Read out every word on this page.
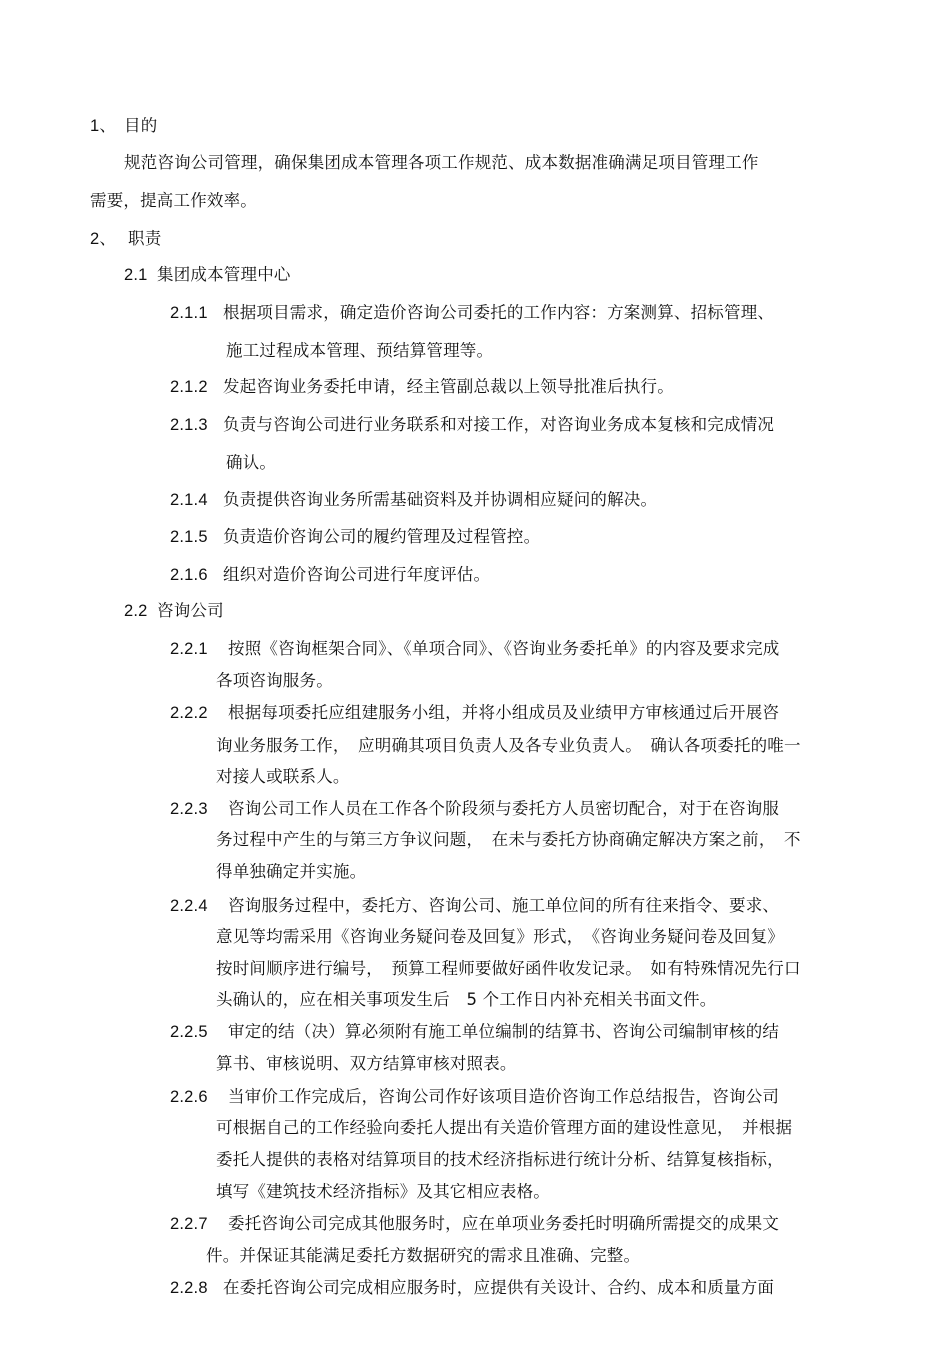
1、 目的
规范咨询公司管理，确保集团成本管理各项工作规范、成本数据准确满足项目管理工作
需要，提高工作效率。
2、 职责
2.1 集团成本管理中心
2.1.1 根据项目需求，确定造价咨询公司委托的工作内容：方案测算、招标管理、
施工过程成本管理、预结算管理等。
2.1.2 发起咨询业务委托申请，经主管副总裁以上领导批准后执行。
2.1.3 负责与咨询公司进行业务联系和对接工作，对咨询业务成本复核和完成情况
确认。
2.1.4 负责提供咨询业务所需基础资料及并协调相应疑问的解决。
2.1.5 负责造价咨询公司的履约管理及过程管控。
2.1.6 组织对造价咨询公司进行年度评估。
2.2 咨询公司
2.2.1 按照《咨询框架合同》、《单项合同》、《咨询业务委托单》的内容及要求完成
各项咨询服务。
2.2.2 根据每项委托应组建服务小组，并将小组成员及业绩甲方审核通过后开展咨
询业务服务工作，　应明确其项目负责人及各专业负责人。　确认各项委托的唯一
对接人或联系人。
2.2.3 咨询公司工作人员在工作各个阶段须与委托方人员密切配合，对于在咨询服
务过程中产生的与第三方争议问题，　在未与委托方协商确定解决方案之前，　不
得单独确定并实施。
2.2.4 咨询服务过程中，委托方、咨询公司、施工单位间的所有往来指令、要求、
意见等均需采用《咨询业务疑问卷及回复》形式，　《咨询业务疑问卷及回复》
按时间顺序进行编号，　预算工程师要做好函件收发记录。　如有特殊情况先行口
头确认的，应在相关事项发生后　5 个工作日内补充相关书面文件。
2.2.5 审定的结（决）算必须附有施工单位编制的结算书、咨询公司编制审核的结
算书、审核说明、双方结算审核对照表。
2.2.6 当审价工作完成后，咨询公司作好该项目造价咨询工作总结报告，咨询公司
可根据自己的工作经验向委托人提出有关造价管理方面的建设性意见，　并根据
委托人提供的表格对结算项目的技术经济指标进行统计分析、结算复核指标，
填写《建筑技术经济指标》及其它相应表格。
2.2.7 委托咨询公司完成其他服务时，应在单项业务委托时明确所需提交的成果文
件。并保证其能满足委托方数据研究的需求且准确、完整。
2.2.8 在委托咨询公司完成相应服务时，应提供有关设计、合约、成本和质量方面
